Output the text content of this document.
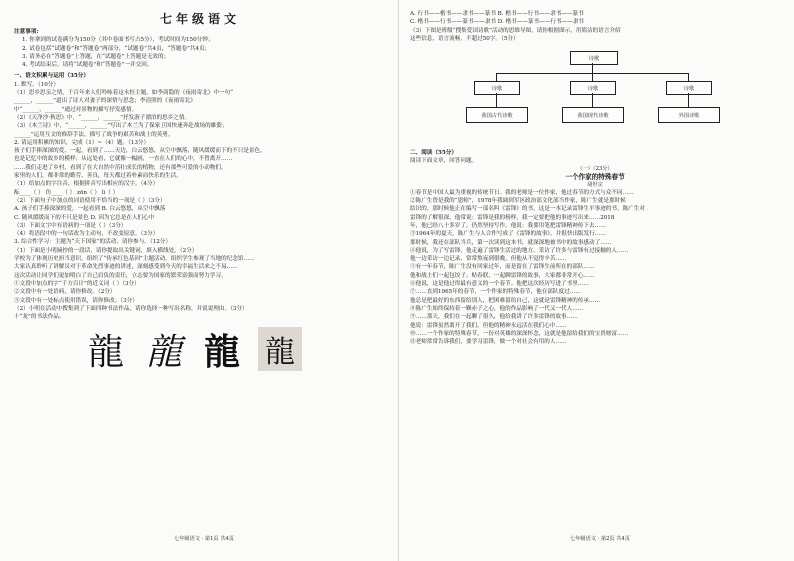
七年级语文
注意事项:
1. 你拿到的试卷满分为150分（其中卷面书写占5分），考试时间为150分钟；
2. 试卷包括“试题卷”和“答题卷”两部分，“试题卷”共4页，“答题卷”共4页；
3. 请务必在“答题卷”上答题，在“试题卷”上答题是无效的；
4. 考试结束后，请将“试题卷”和“答题卷”一并交回。
一、语文积累与运用（35分）
1. 默写。（10分）
（1）思乡思亲之情，千百年来人们吟咏着这永恒主题。如李商隐的《夜雨寄北》中一句“
______，______”道出了诗人对妻子的深情与思念；李清照的《夜雨寄北》
中“______，______”通过对景物的描写抒发感情。
（2）《天净沙·秋思》中，“______，______”抒发游子漂泊的思乡之情。
（3）《木兰诗》中，“______，______”写出了木兰为了保家卫国快速奔赴战场的雄姿；
______”运用互文的修辞手法，描写了战争的艰苦和战士的英勇。
2. 请运用积累的知识，完成（1）~（4）题。（13分）
孩子们手捧深深的爱，一起，看到了……天边，白云悠悠，从空中飘落，随风缓缓而下的不只是景色，
也是记忆中的故乡的模样；从远处看，它就像一幅画，一直在人们的心中，不曾离开……
……我们走进了乡村，看到了在大自然中茁壮成长的植物，还有那些可爱的小动物们。
家里的人们，都非常的勤劳、善良，每天都过着朴素而快乐的生活。
（1）给加点的字注音，根据拼音写出相应的汉字。（4分）
酝____（ ） 彷____（ ） zōn（ ） lì（ ）
（2）下面句子中加点的词语使用不恰当的一项是（ ）（3分）
A. 孩子们手捧深深的爱，一起看到 B. 白云悠悠，从空中飘落
C. 随风缓缓而下的不只是景色 D. 因为它总是在人们心中
（3）下面文字中有语病的一项是（ ）（3分）
（4）将语段中的一句话改为主动句，不改变原意。（3分）
3. 综合性学习：主题为“天下国家”的活动，请你参与。（12分）
（1）下面是小明摘抄的一段话，请你提取出关键词，填入横线处。（2分）
学校为了体现历史担当意识，组织了“传承红色基因”主题活动，组织学生参观了当地的纪念馆……
大家认真聆听了讲解员对于革命先烈事迹的讲述，深刻感受到今天的幸福生活来之不易……
这次活动让同学们更加明白了自己肩负的责任，立志要为国家的繁荣富强而努力学习。
①文段中加点的字“千方百计”的近义词（ ）（3分）
②文段中有一处语病，请你修改。（2分）
③文段中有一处标点使用错误，请你修改。（3分）
（2）小明在活动中搜集到了下面四种书法作品，请你选择一种写出名称，并说说理由。（3分）
十“龙”的书法作品。
龍 龍 龍 龍
七年级语文 · 第1页 共4页
A. 行书——楷书——隶书——篆书 B. 楷书——行书——隶书——篆书
C. 楷书——行书——篆书——隶书 D. 楷书——篆书——行书——隶书
（3）下图是班级“搜集爱国诗歌”活动的思维导图，请你根据图示，用简洁的语言介绍
这些信息，语言流畅，不超过50字。（5分）
诗歌
诗歌	诗歌	诗歌
我国古代诗歌	我国现代诗歌	外国诗歌
二、阅读（55分）
阅读下面文章，回答问题。
（一）（23分）
一个作家的特殊春节
胡世宗
①春节是中国人最为重视的传统节日。我的老师是一位作家，他过春节的方式与众不同……
②陈广生曾是我的“恩师”，1978年我调到军区政治部文化部当作家，陈广生就是那时候
结识的。那时候他正在编写一部名叫《雷锋》的书，这是一本记录雷锋生平事迹的书。陈广生对
雷锋的了解很深，他常说：雷锋是我的榜样，我一定要把他的事迹写出来……2018
年，他已经八十多岁了，仍然坚持写作。他说：我要用笔把雷锋精神传下去……
③1964年的夏天，陈广生与人合作写成了《雷锋的故事》，并很快出版发行……
那时候，我还在部队当兵，第一次读到这本书，就深深地被书中的故事感动了……
④他说，为了写雷锋，他走遍了雷锋生活过的地方，采访了许多与雷锋有过接触的人……
他一边采访一边记录，常常熬夜到很晚，但他从不觉得辛苦……
⑤有一年春节，陈广生没有回家过年，而是留在了雷锋生前所在的部队……
他和战士们一起包饺子、贴春联，一起聊雷锋的故事，大家都非常开心……
⑥他说，这是他过得最有意义的一个春节。他把这次经历写进了书里……
⑦……直到1965年的春节，一个作家的特殊春节，他在部队度过……
他总是把最好的东西留给别人，把困难留给自己，这就是雷锋精神的传承……
⑧陈广生始终保持着一颗赤子之心，他的作品影响了一代又一代人……
⑨……那天，我们在一起聊了很久，他给我讲了许多雷锋的故事……
他说：雷锋虽然离开了我们，但他的精神永远活在我们心中……
⑩……一个作家的特殊春节，一份对英雄的深深怀念，这就是他留给我们的宝贵财富……
⑪老师常常告诉我们，要学习雷锋，做一个对社会有用的人……
七年级语文 · 第2页 共4页
